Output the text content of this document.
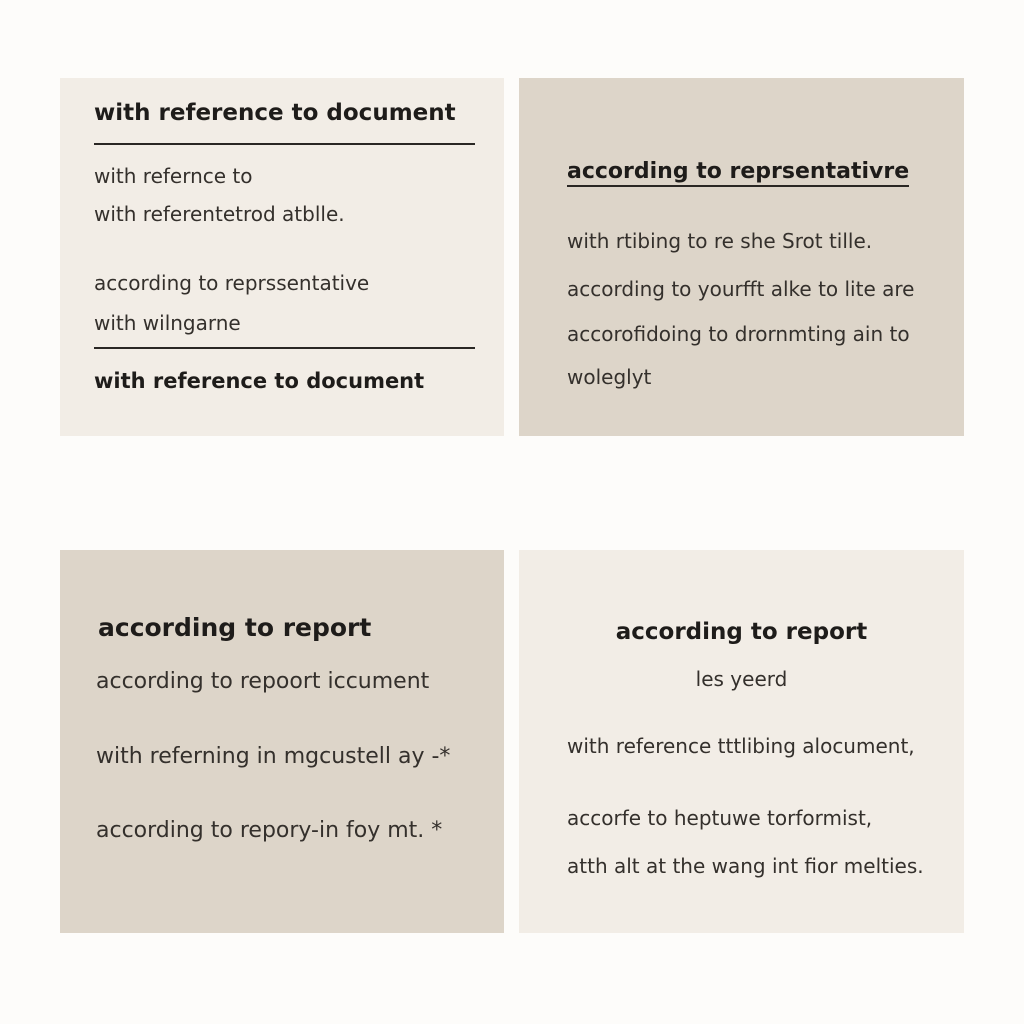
with reference to document
with refernce to
with referentetrod atblle.
according to reprssentative
with wilngarne
with reference to document
according to reprsentativre
with rtibing to re she Srot tille.
according to yourfft alke to lite are
accorofidoing to drornmting ain to
woleglyt
according to report
according to repoort iccument
with referning in mgcustell ay -*
according to repory-in foy mt. *
according to report
les yeerd
with reference tttlibing alocument,
accorfe to heptuwe torformist,
atth alt at the wang int fior melties.
